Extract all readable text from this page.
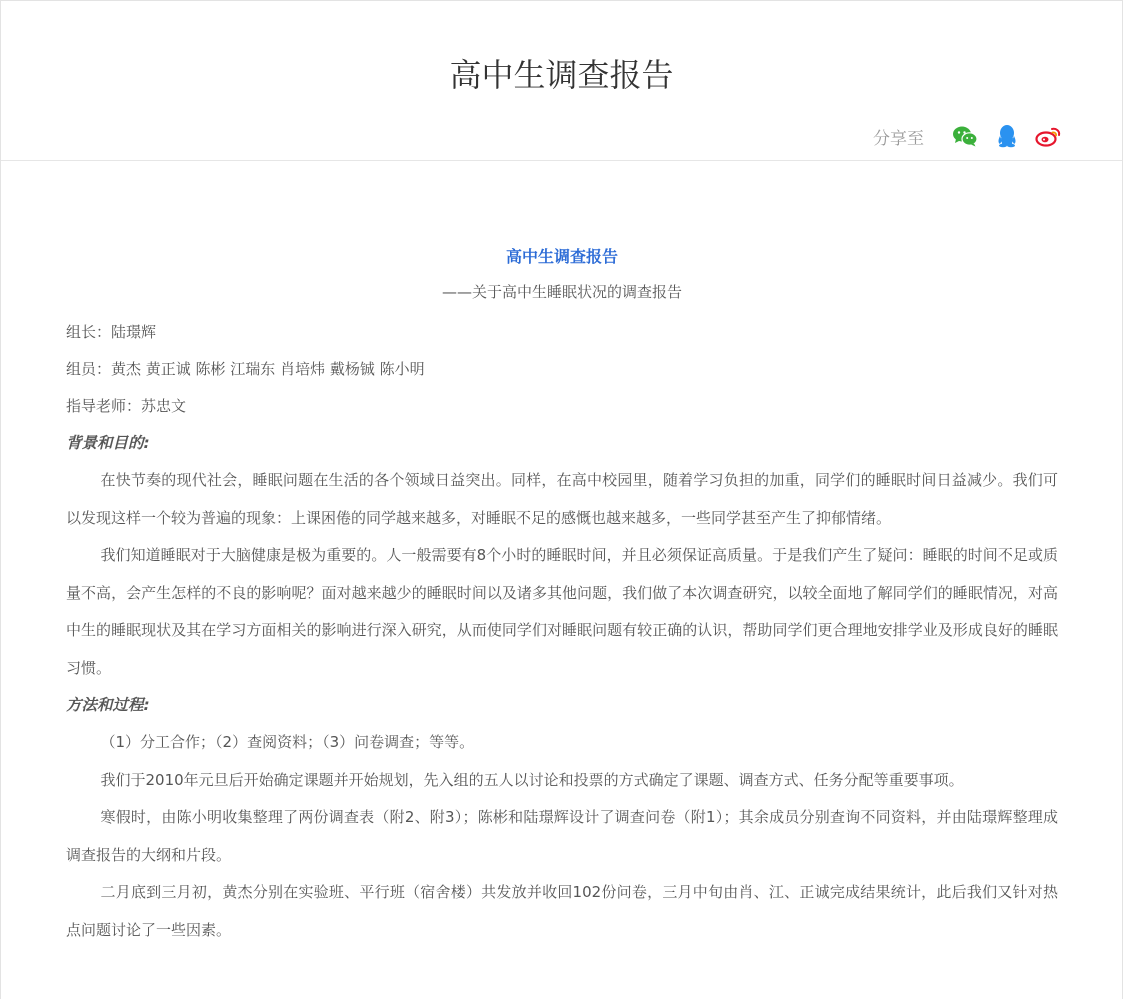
高中生调查报告
分享至
高中生调查报告
——关于高中生睡眠状况的调查报告

组长：陆璟辉

组员：黄杰 黄正诚 陈彬 江瑞东 肖培炜 戴杨铖 陈小明

指导老师：苏忠文

背景和目的:

在快节奏的现代社会，睡眠问题在生活的各个领域日益突出。同样，在高中校园里，随着学习负担的加重，同学们的睡眠时间日益减少。我们可以发现这样一个较为普遍的现象：上课困倦的同学越来越多，对睡眠不足的感慨也越来越多，一些同学甚至产生了抑郁情绪。

我们知道睡眠对于大脑健康是极为重要的。人一般需要有8个小时的睡眠时间，并且必须保证高质量。于是我们产生了疑问：睡眠的时间不足或质量不高，会产生怎样的不良的影响呢？面对越来越少的睡眠时间以及诸多其他问题，我们做了本次调查研究，以较全面地了解同学们的睡眠情况，对高中生的睡眠现状及其在学习方面相关的影响进行深入研究，从而使同学们对睡眠问题有较正确的认识，帮助同学们更合理地安排学业及形成良好的睡眠习惯。

方法和过程:

（1）分工合作；（2）查阅资料；（3）问卷调查；等等。

我们于2010年元旦后开始确定课题并开始规划，先入组的五人以讨论和投票的方式确定了课题、调查方式、任务分配等重要事项。

寒假时，由陈小明收集整理了两份调查表（附2、附3）；陈彬和陆璟辉设计了调查问卷（附1）；其余成员分别查询不同资料，并由陆璟辉整理成调查报告的大纲和片段。

二月底到三月初，黄杰分别在实验班、平行班（宿舍楼）共发放并收回102份问卷，三月中旬由肖、江、正诚完成结果统计，此后我们又针对热点问题讨论了一些因素。
